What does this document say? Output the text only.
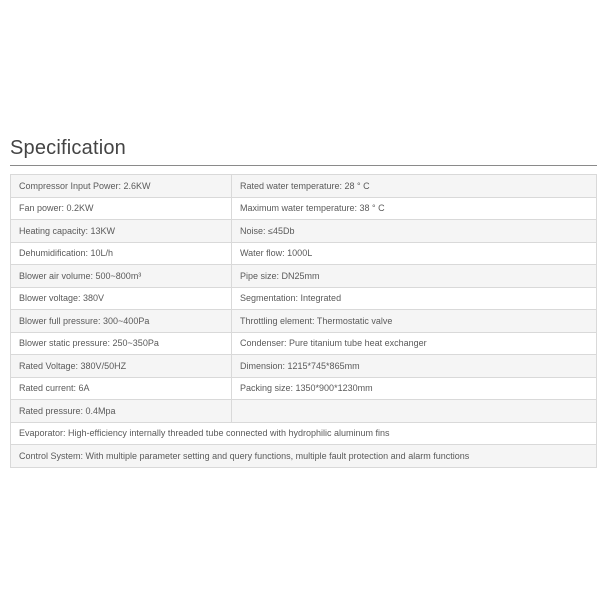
Specification
Compressor Input Power: 2.6KW	Rated water temperature: 28 ° C
Fan power: 0.2KW	Maximum water temperature: 38 ° C
Heating capacity: 13KW	Noise: ≤45Db
Dehumidification: 10L/h	Water flow: 1000L
Blower air volume: 500~800m³	Pipe size: DN25mm
Blower voltage: 380V	Segmentation: Integrated
Blower full pressure: 300~400Pa	Throttling element: Thermostatic valve
Blower static pressure: 250~350Pa	Condenser: Pure titanium tube heat exchanger
Rated Voltage: 380V/50HZ	Dimension: 1215*745*865mm
Rated current: 6A	Packing size: 1350*900*1230mm
Rated pressure: 0.4Mpa	
Evaporator: High-efficiency internally threaded tube connected with hydrophilic aluminum fins	
Control System: With multiple parameter setting and query functions, multiple fault protection and alarm functions	
